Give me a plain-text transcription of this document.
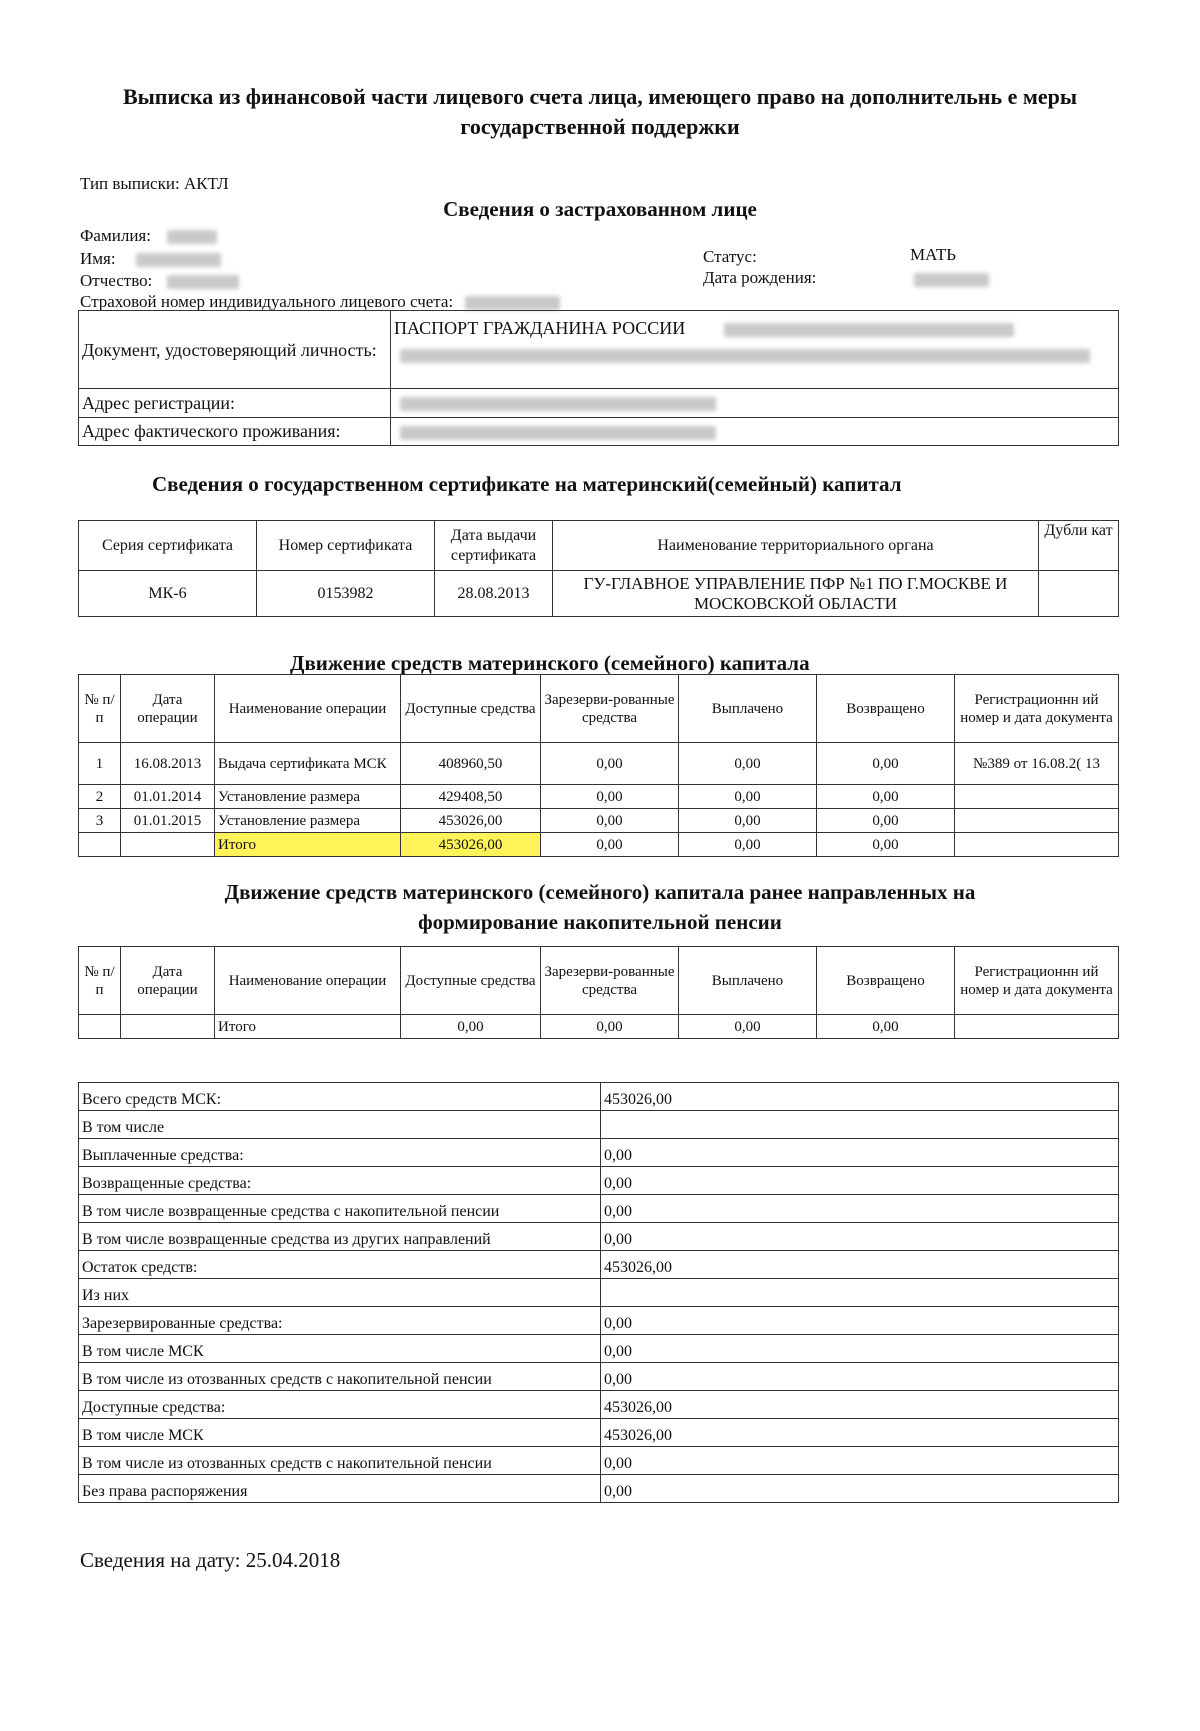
Выписка из финансовой части лицевого счета лица, имеющего право на дополнительнь е меры государственной поддержки
Тип выписки: АКТЛ
Сведения о застрахованном лице
Фамилия:
Имя:
Отчество:
Страховой номер индивидуального лицевого счета:
Статус:	МАТЬ
Дата рождения:
Документ, удостоверяющий личность:	ПАСПОРТ ГРАЖДАНИНА РОССИИ

Адрес регистрации:	
Адрес фактического проживания:	
Сведения о государственном сертификате на материнский(семейный) капитал
Серия сертификата	Номер сертификата	Дата выдачи сертификата	Наименование территориального органа	Дубли кат
МК-6	0153982	28.08.2013	ГУ-ГЛАВНОЕ УПРАВЛЕНИЕ ПФР №1 ПО Г.МОСКВЕ И МОСКОВСКОЙ ОБЛАСТИ	
Движение средств материнского (семейного) капитала
№ п/п	Дата операции	Наименование операции	Доступные средства	Зарезерви-рованные средства	Выплачено	Возвращено	Регистрационнн ий номер и дата документа
1	16.08.2013	Выдача сертификата МСК	408960,50	0,00	0,00	0,00	№389 от 16.08.2( 13
2	01.01.2014	Установление размера	429408,50	0,00	0,00	0,00	
3	01.01.2015	Установление размера	453026,00	0,00	0,00	0,00	
		Итого	453026,00	0,00	0,00	0,00	
Движение средств материнского (семейного) капитала ранее направленных на
формирование накопительной пенсии
№ п/п	Дата операции	Наименование операции	Доступные средства	Зарезерви-рованные средства	Выплачено	Возвращено	Регистрационнн ий номер и дата документа
		Итого	0,00	0,00	0,00	0,00	
Всего средств МСК:	453026,00
В том числе	
Выплаченные средства:	0,00
Возвращенные средства:	0,00
В том числе возвращенные средства с накопительной пенсии	0,00
В том числе возвращенные средства из других направлений	0,00
Остаток средств:	453026,00
Из них	
Зарезервированные средства:	0,00
В том числе МСК	0,00
В том числе из отозванных средств с накопительной пенсии	0,00
Доступные средства:	453026,00
В том числе МСК	453026,00
В том числе из отозванных средств с накопительной пенсии	0,00
Без права распоряжения	0,00
Сведения на дату: 25.04.2018
